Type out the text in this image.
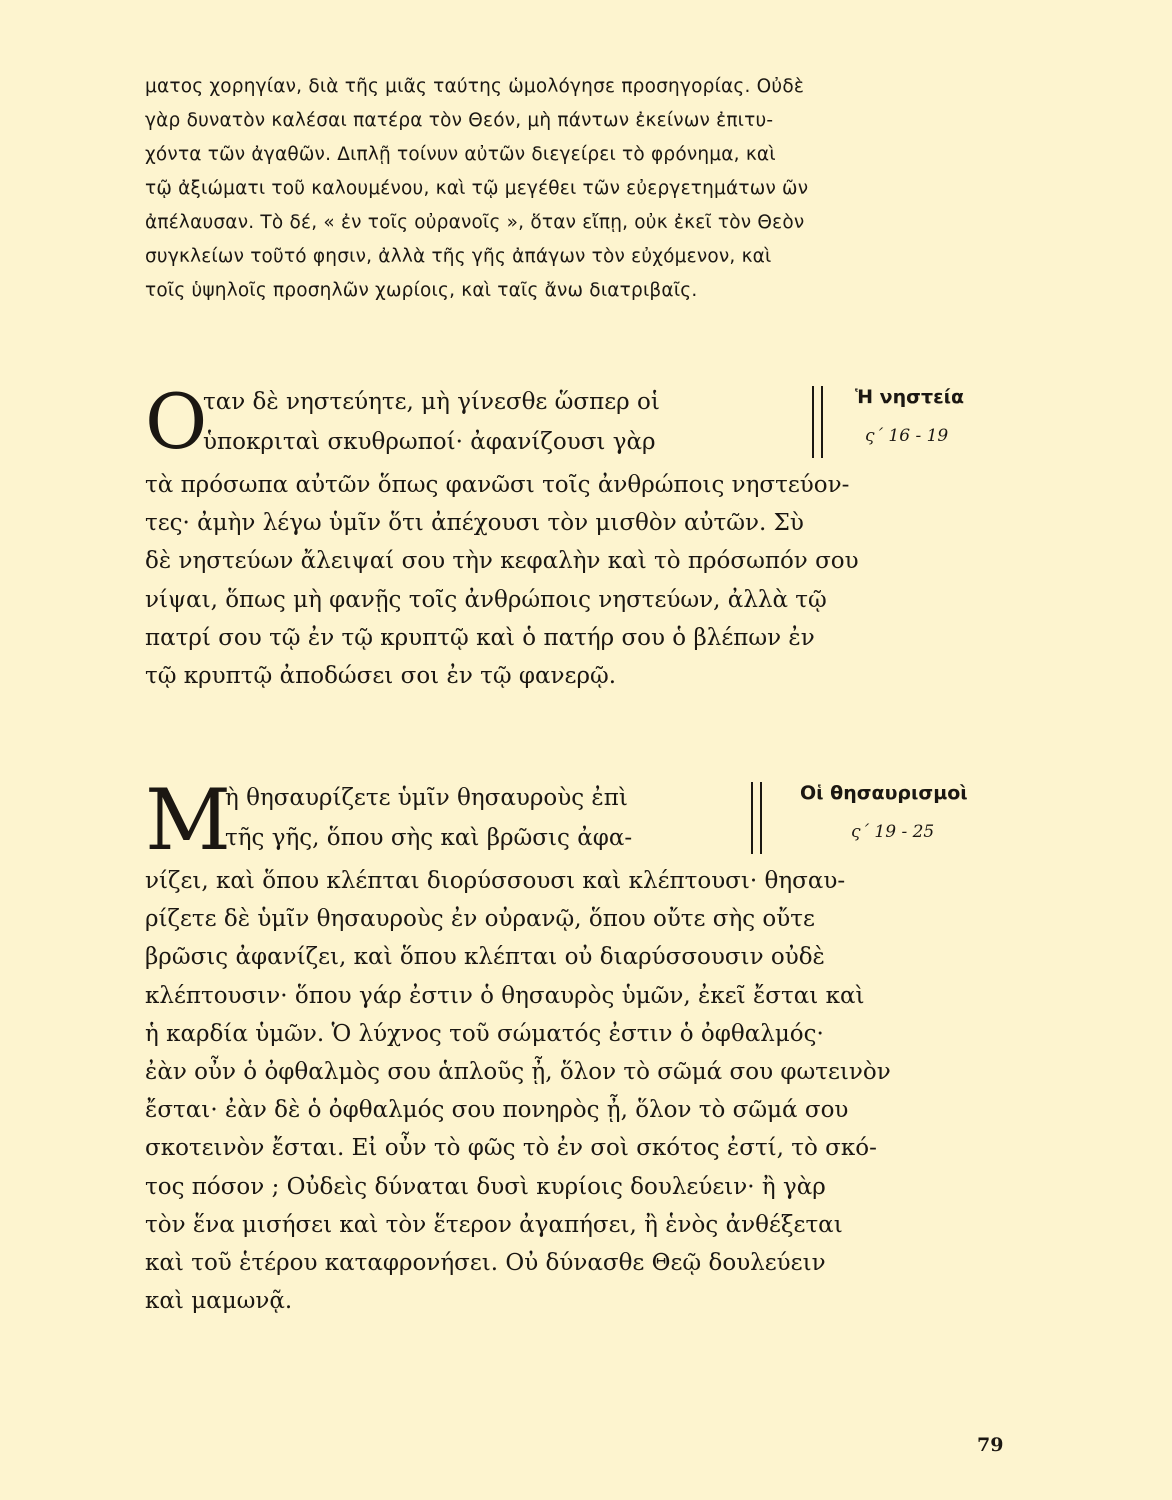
ματος χορηγίαν, διὰ τῆς μιᾶς ταύτης ὡμολόγησε προσηγορίας. Οὐδὲ
γὰρ δυνατὸν καλέσαι πατέρα τὸν Θεόν, μὴ πάντων ἐκείνων ἐπιτυ-
χόντα τῶν ἀγαθῶν. Διπλῇ τοίνυν αὐτῶν διεγείρει τὸ φρόνημα, καὶ
τῷ ἀξιώματι τοῦ καλουμένου, καὶ τῷ μεγέθει τῶν εὐεργετημάτων ῶν
ἀπέλαυσαν. Τὸ δέ, « ἐν τοῖς οὐρανοῖς », ὅταν εἴπῃ, οὐκ ἐκεῖ τὸν Θεὸν
συγκλείων τοῦτό φησιν, ἀλλὰ τῆς γῆς ἀπάγων τὸν εὐχόμενον, καὶ
τοῖς ὑψηλοῖς προσηλῶν χωρίοις, καὶ ταῖς ἄνω διατριβαῖς.
Ο
ταν δὲ νηστεύητε, μὴ γίνεσθε ὥσπερ οἱ
ὑποκριταὶ σκυθρωποί· ἀφανίζουσι γὰρ
Ἡ νηστεία
ς΄ 16 - 19
τὰ πρόσωπα αὐτῶν ὅπως φανῶσι τοῖς ἀνθρώποις νηστεύον-
τες· ἀμὴν λέγω ὑμῖν ὅτι ἀπέχουσι τὸν μισθὸν αὐτῶν. Σὺ
δὲ νηστεύων ἄλειψαί σου τὴν κεφαλὴν καὶ τὸ πρόσωπόν σου
νίψαι, ὅπως μὴ φανῇς τοῖς ἀνθρώποις νηστεύων, ἀλλὰ τῷ
πατρί σου τῷ ἐν τῷ κρυπτῷ καὶ ὁ πατήρ σου ὁ βλέπων ἐν
τῷ κρυπτῷ ἀποδώσει σοι ἐν τῷ φανερῷ.
Μ
ὴ θησαυρίζετε ὑμῖν θησαυροὺς ἐπὶ
τῆς γῆς, ὅπου σὴς καὶ βρῶσις ἀφα-
Οἱ θησαυρισμοὶ
ς΄ 19 - 25
νίζει, καὶ ὅπου κλέπται διορύσσουσι καὶ κλέπτουσι· θησαυ-
ρίζετε δὲ ὑμῖν θησαυροὺς ἐν οὐρανῷ, ὅπου οὔτε σὴς οὔτε
βρῶσις ἀφανίζει, καὶ ὅπου κλέπται οὐ διαρύσσουσιν οὐδὲ
κλέπτουσιν· ὅπου γάρ ἐστιν ὁ θησαυρὸς ὑμῶν, ἐκεῖ ἔσται καὶ
ἡ καρδία ὑμῶν. Ὁ λύχνος τοῦ σώματός ἐστιν ὁ ὀφθαλμός·
ἐὰν οὖν ὁ ὀφθαλμὸς σου ἁπλοῦς ᾖ, ὅλον τὸ σῶμά σου φωτεινὸν
ἔσται· ἐὰν δὲ ὁ ὀφθαλμός σου πονηρὸς ᾖ, ὅλον τὸ σῶμά σου
σκοτεινὸν ἔσται. Εἰ οὖν τὸ φῶς τὸ ἐν σοὶ σκότος ἐστί, τὸ σκό-
τος πόσον ; Οὐδεὶς δύναται δυσὶ κυρίοις δουλεύειν· ἢ γὰρ
τὸν ἕνα μισήσει καὶ τὸν ἕτερον ἀγαπήσει, ἢ ἑνὸς ἀνθέξεται
καὶ τοῦ ἑτέρου καταφρονήσει. Οὐ δύνασθε Θεῷ δουλεύειν
καὶ μαμωνᾷ.
79
